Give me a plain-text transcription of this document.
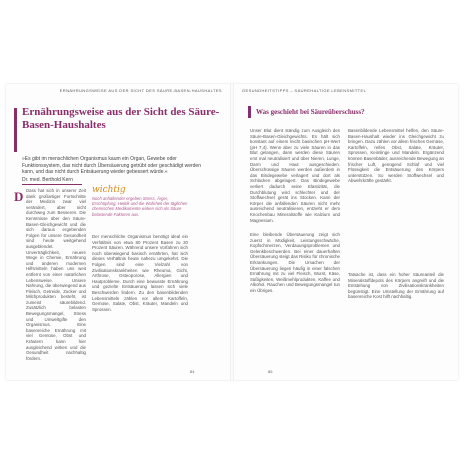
ERNÄHRUNGSWEISE AUS DER SICHT DES SÄURE-BASEN-HAUSHALTES
Ernährungsweise aus der Sicht des Säure-Basen-Haushaltes
»Es gibt im menschlichen Organismus kaum ein Organ, Gewebe oder Funktionssystem, das nicht durch Übersäuerung getrübt oder geschädigt werden kann, und das nicht durch Entsäuerung wieder gebessert würde.«
Dr. med. Berthold Kern
D Dass hat sich in unserer Zeit dank großartiger Fortschritte der Medizin zwar viel verändert, aber nicht durchweg zum Besseren. Die Kenntnisse über den Säure-Basen-Gleichgewicht und die sich daraus ergebenden Folgen für unsere Gesundheit sind heute weitgehend ausgeblendet. Unverträglichkeit, neuere Wege in Chemie, Ernährung und anderen modernen Hilfsmitteln haben uns weit entfernt von einer natürlichen Lebensweise. Unsere Nahrung, die überwiegend aus Fleisch, Getreide, Zucker und Milchprodukten besteht, ist zumeist säurebildend. Zusätzlich belasten Bewegungsmangel, Stress und Umweltgifte den Organismus. Eine basenreiche Ernährung mit viel Gemüse, Obst und Kräutern kann hier ausgleichend wirken und die Gesundheit nachhaltig fördern.
wichtig
Noch anhaltender ergeben Stress, Ärger, Erschöpfung, Hektik und die Wahrheit der täglichen chemischen Medikamente wirken sich als Säure belastende Faktoren aus.
Der menschliche Organismus benötigt ideal ein Verhältnis von etwa 80 Prozent Basen zu 20 Prozent Säuren. Während unsere Vorfahren sich noch überwiegend basisch ernährten, hat sich dieses Verhältnis heute nahezu umgekehrt. Die Folgen sind eine Vielzahl von Zivilisationskrankheiten wie Rheuma, Gicht, Arthrose, Osteoporose, Allergien und Hautprobleme. Durch eine bewusste Ernährung und gezielte Entsäuerung lassen sich viele Beschwerden lindern. Zu den basenbildenden Lebensmitteln zählen vor allem Kartoffeln, Gemüse, Salate, Obst, Kräuter, Mandeln und Sprossen.
84
GESUNDHEITSTIPPS – SÄUREHALTIGE LEBENSMITTEL
Was geschieht bei Säureüberschuss?
Unser Blut dient ständig zum Ausgleich des Säure-Basen-Gleichgewichts. Es hält sich konstant auf einem leicht basischen pH-Wert (pH 7,4). Wenn aber zu viele Säuren in das Blut gelangen, dann werden diese Säuren erst mal neutralisiert und über Nieren, Lunge, Darm und Haut ausgeschieden. Überschüssige Säuren werden außerdem in das Bindegewebe verlagert und dort als Schlacken abgelagert. Das Bindegewebe verliert dadurch seine Elastizität, die Durchblutung wird schlechter und der Stoffwechsel gerät ins Stocken. Kann der Körper die anfallenden Säuren nicht mehr ausreichend neutralisieren, entzieht er dem Knochenbau Mineralstoffe wie Kalzium und Magnesium.
Eine bleibende Übersäuerung zeigt sich zuerst in Müdigkeit, Leistungsschwäche, Kopfschmerzen, Verdauungsproblemen und Gelenkbeschwerden. Bei einer dauerhaften Übersäuerung steigt das Risiko für chronische Erkrankungen. Die Ursachen der Übersäuerung liegen häufig in einer falschen Ernährung mit zu viel Fleisch, Wurst, Käse, Süßigkeiten, Weißmehlprodukten, Kaffee und Alkohol. Rauchen und Bewegungsmangel tun ein Übriges.
Basenbildende Lebensmittel helfen, den Säure-Basen-Haushalt wieder ins Gleichgewicht zu bringen. Dazu zählen vor allem frisches Gemüse, Kartoffeln, reifes Obst, Salate, Kräuter, Sprossen, Keimlinge und Mandeln. Ergänzend können Basenbäder, ausreichende Bewegung an frischer Luft, genügend Schlaf und viel Flüssigkeit die Entsäuerung des Körpers unterstützen. So werden Stoffwechsel und Abwehrkräfte gestärkt.
Tatsache ist, dass ein hoher Säureanteil die Mineralstoffdepots des Körpers angreift und die Entstehung von Zivilisationskrankheiten begünstigt. Eine Umstellung der Ernährung auf basenreiche Kost hilft nachhaltig.
85
